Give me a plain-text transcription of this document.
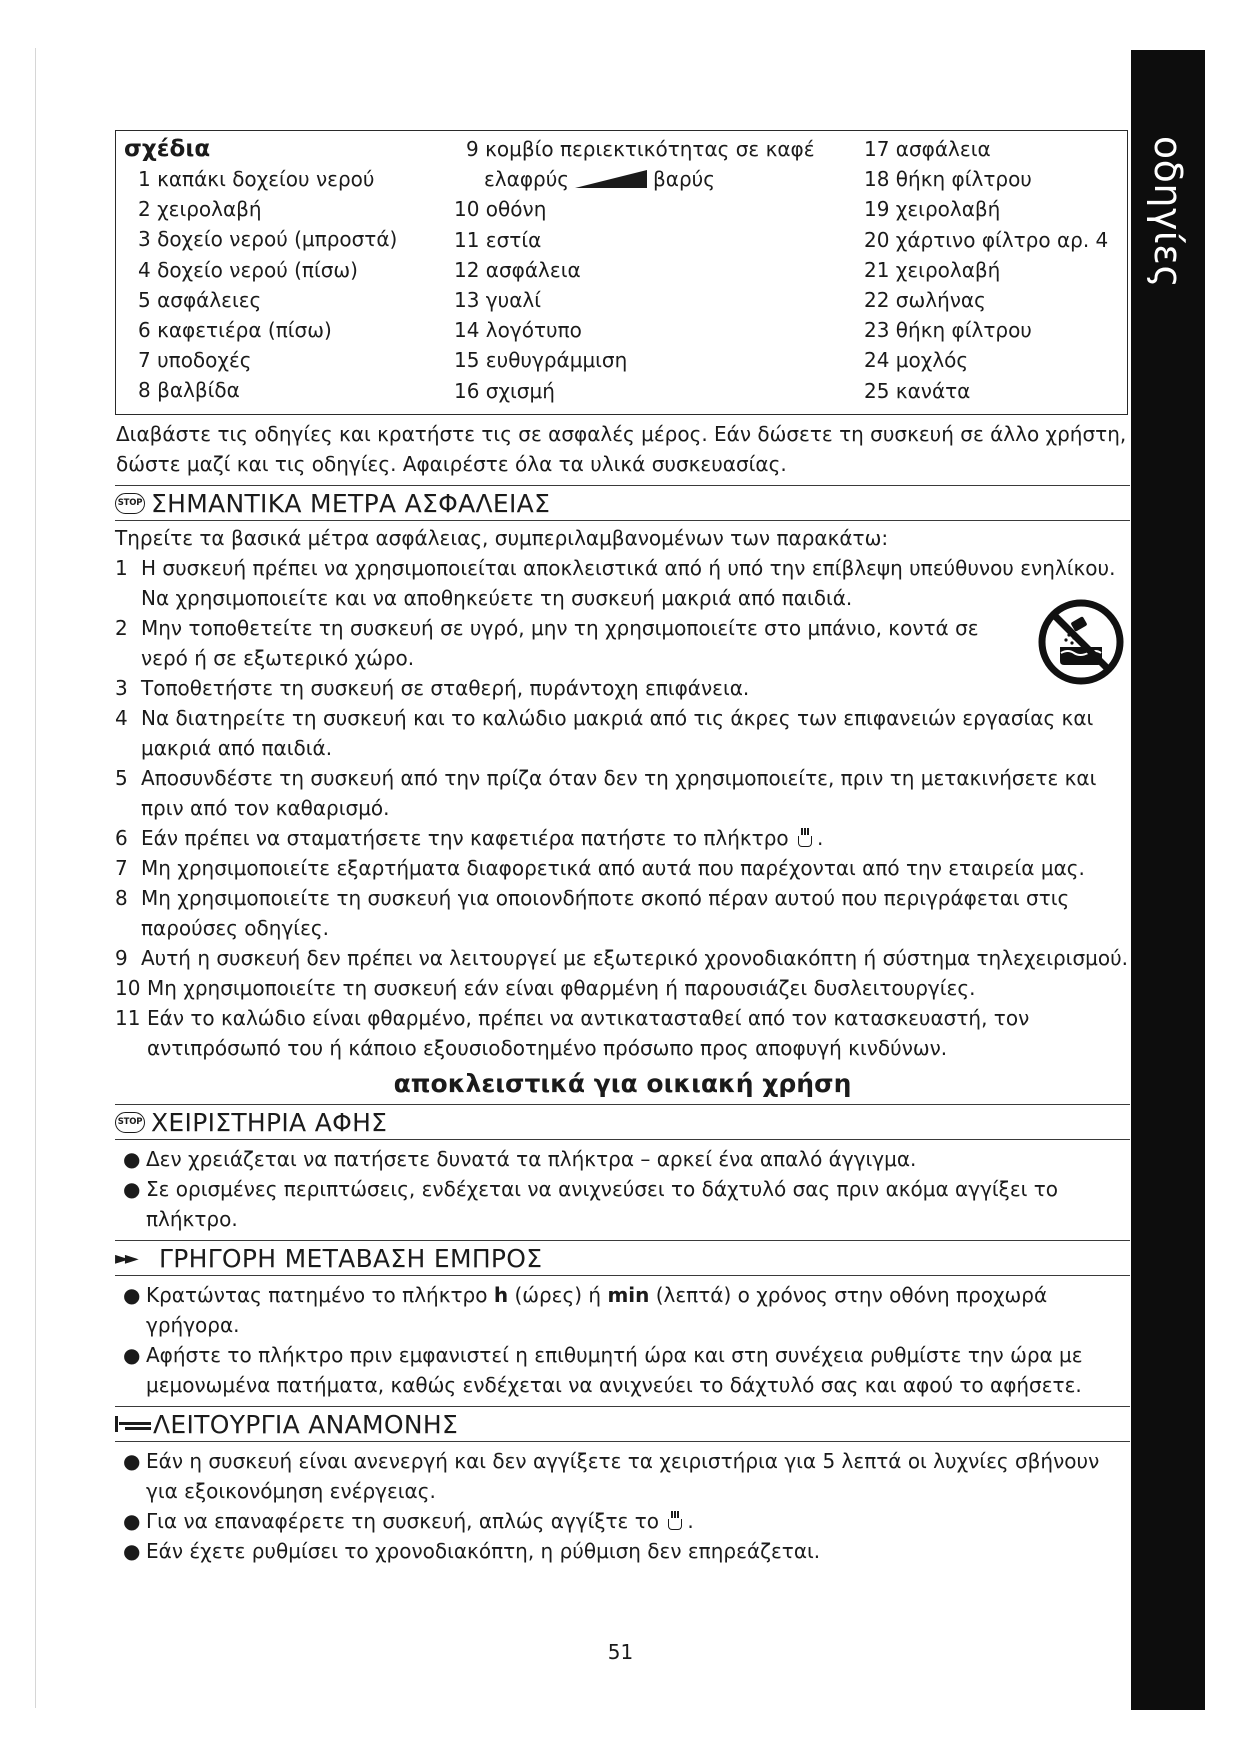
οδηγίες
σχέδια
1 καπάκι δοχείου νερού
2 χειρολαβή
3 δοχείο νερού (μπροστά)
4 δοχείο νερού (πίσω)
5 ασφάλειες
6 καφετιέρα (πίσω)
7 υποδοχές
8 βαλβίδα
9 κομβίο περιεκτικότητας σε καφέ
ελαφρύς	βαρύς
10 οθόνη
11 εστία
12 ασφάλεια
13 γυαλί
14 λογότυπο
15 ευθυγράμμιση
16 σχισμή
17 ασφάλεια
18 θήκη φίλτρου
19 χειρολαβή
20 χάρτινο φίλτρο αρ. 4
21 χειρολαβή
22 σωλήνας
23 θήκη φίλτρου
24 μοχλός
25 κανάτα
Διαβάστε τις οδηγίες και κρατήστε τις σε ασφαλές μέρος. Εάν δώσετε τη συσκευή σε άλλο χρήστη, δώστε μαζί και τις οδηγίες. Αφαιρέστε όλα τα υλικά συσκευασίας.
STOP ΣΗΜΑΝΤΙΚΑ ΜΕΤΡΑ ΑΣΦΑΛΕΙΑΣ
Τηρείτε τα βασικά μέτρα ασφάλειας, συμπεριλαμβανομένων των παρακάτω:
1 Η συσκευή πρέπει να χρησιμοποιείται αποκλειστικά από ή υπό την επίβλεψη υπεύθυνου ενηλίκου. Να χρησιμοποιείτε και να αποθηκεύετε τη συσκευή μακριά από παιδιά.
2 Μην τοποθετείτε τη συσκευή σε υγρό, μην τη χρησιμοποιείτε στο μπάνιο, κοντά σε νερό ή σε εξωτερικό χώρο.
3 Τοποθετήστε τη συσκευή σε σταθερή, πυράντοχη επιφάνεια.
4 Να διατηρείτε τη συσκευή και το καλώδιο μακριά από τις άκρες των επιφανειών εργασίας και μακριά από παιδιά.
5 Αποσυνδέστε τη συσκευή από την πρίζα όταν δεν τη χρησιμοποιείτε, πριν τη μετακινήσετε και πριν από τον καθαρισμό.
6 Εάν πρέπει να σταματήσετε την καφετιέρα πατήστε το πλήκτρο .
7 Μη χρησιμοποιείτε εξαρτήματα διαφορετικά από αυτά που παρέχονται από την εταιρεία μας.
8 Μη χρησιμοποιείτε τη συσκευή για οποιονδήποτε σκοπό πέραν αυτού που περιγράφεται στις παρούσες οδηγίες.
9 Αυτή η συσκευή δεν πρέπει να λειτουργεί με εξωτερικό χρονοδιακόπτη ή σύστημα τηλεχειρισμού.
10 Μη χρησιμοποιείτε τη συσκευή εάν είναι φθαρμένη ή παρουσιάζει δυσλειτουργίες.
11 Εάν το καλώδιο είναι φθαρμένο, πρέπει να αντικατασταθεί από τον κατασκευαστή, τον αντιπρόσωπό του ή κάποιο εξουσιοδοτημένο πρόσωπο προς αποφυγή κινδύνων.
αποκλειστικά για οικιακή χρήση
STOP ΧΕΙΡΙΣΤΗΡΙΑ ΑΦΗΣ
● Δεν χρειάζεται να πατήσετε δυνατά τα πλήκτρα – αρκεί ένα απαλό άγγιγμα.
● Σε ορισμένες περιπτώσεις, ενδέχεται να ανιχνεύσει το δάχτυλό σας πριν ακόμα αγγίξει το πλήκτρο.
►► ΓΡΗΓΟΡΗ ΜΕΤΑΒΑΣΗ ΕΜΠΡΟΣ
● Κρατώντας πατημένο το πλήκτρο h (ώρες) ή min (λεπτά) ο χρόνος στην οθόνη προχωρά γρήγορα.
● Αφήστε το πλήκτρο πριν εμφανιστεί η επιθυμητή ώρα και στη συνέχεια ρυθμίστε την ώρα με μεμονωμένα πατήματα, καθώς ενδέχεται να ανιχνεύει το δάχτυλό σας και αφού το αφήσετε.
ΛΕΙΤΟΥΡΓΙΑ ΑΝΑΜΟΝΗΣ
● Εάν η συσκευή είναι ανενεργή και δεν αγγίξετε τα χειριστήρια για 5 λεπτά οι λυχνίες σβήνουν για εξοικονόμηση ενέργειας.
● Για να επαναφέρετε τη συσκευή, απλώς αγγίξτε το .
● Εάν έχετε ρυθμίσει το χρονοδιακόπτη, η ρύθμιση δεν επηρεάζεται.
51
